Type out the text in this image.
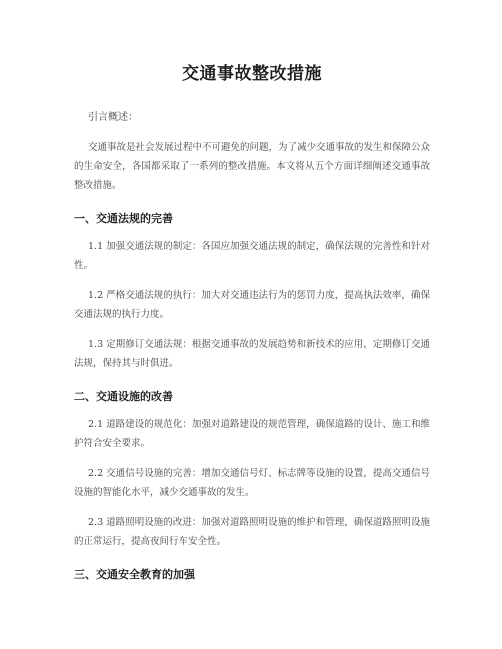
交通事故整改措施
引言概述：

交通事故是社会发展过程中不可避免的问题，为了减少交通事故的发生和保障公众的生命安全，各国都采取了一系列的整改措施。本文将从五个方面详细阐述交通事故整改措施。

一、交通法规的完善

1.1 加强交通法规的制定：各国应加强交通法规的制定，确保法规的完善性和针对性。

1.2 严格交通法规的执行：加大对交通违法行为的惩罚力度，提高执法效率，确保交通法规的执行力度。

1.3 定期修订交通法规：根据交通事故的发展趋势和新技术的应用，定期修订交通法规，保持其与时俱进。

二、交通设施的改善

2.1 道路建设的规范化：加强对道路建设的规范管理，确保道路的设计、施工和维护符合安全要求。

2.2 交通信号设施的完善：增加交通信号灯、标志牌等设施的设置，提高交通信号设施的智能化水平，减少交通事故的发生。

2.3 道路照明设施的改进：加强对道路照明设施的维护和管理，确保道路照明设施的正常运行，提高夜间行车安全性。

三、交通安全教育的加强
